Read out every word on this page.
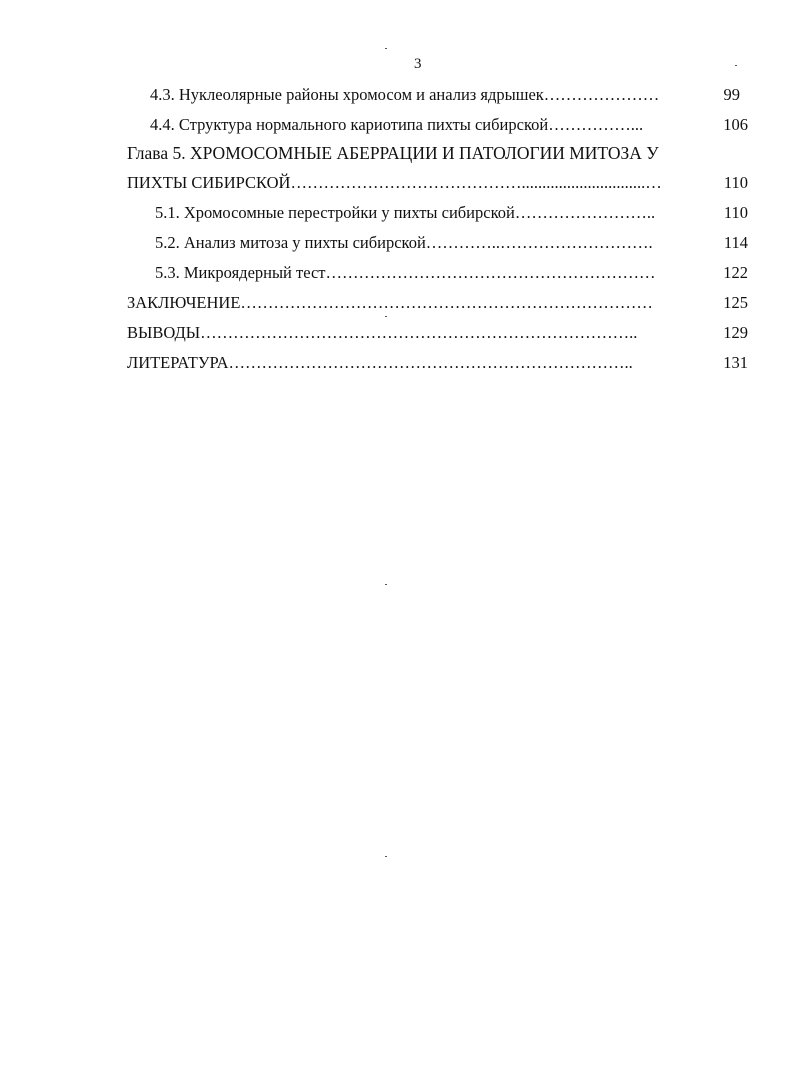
3
4.3. Нуклеолярные районы хромосом и анализ ядрышек…………………	99
4.4. Структура нормального кариотипа пихты сибирской……………...	106
Глава 5. ХРОМОСОМНЫЕ АБЕРРАЦИИ И ПАТОЛОГИИ МИТОЗА У
ПИХТЫ СИБИРСКОЙ……………………………………..............................…	110
5.1. Хромосомные перестройки у пихты сибирской……………………..	110
5.2. Анализ митоза у пихты сибирской…………..……………………….	114
5.3. Микроядерный тест……………………………………………………	122
ЗАКЛЮЧЕНИЕ…………………………………………………………………	125
ВЫВОДЫ……………………………………………………………………..	129
ЛИТЕРАТУРА………………………………………………………………..	131
